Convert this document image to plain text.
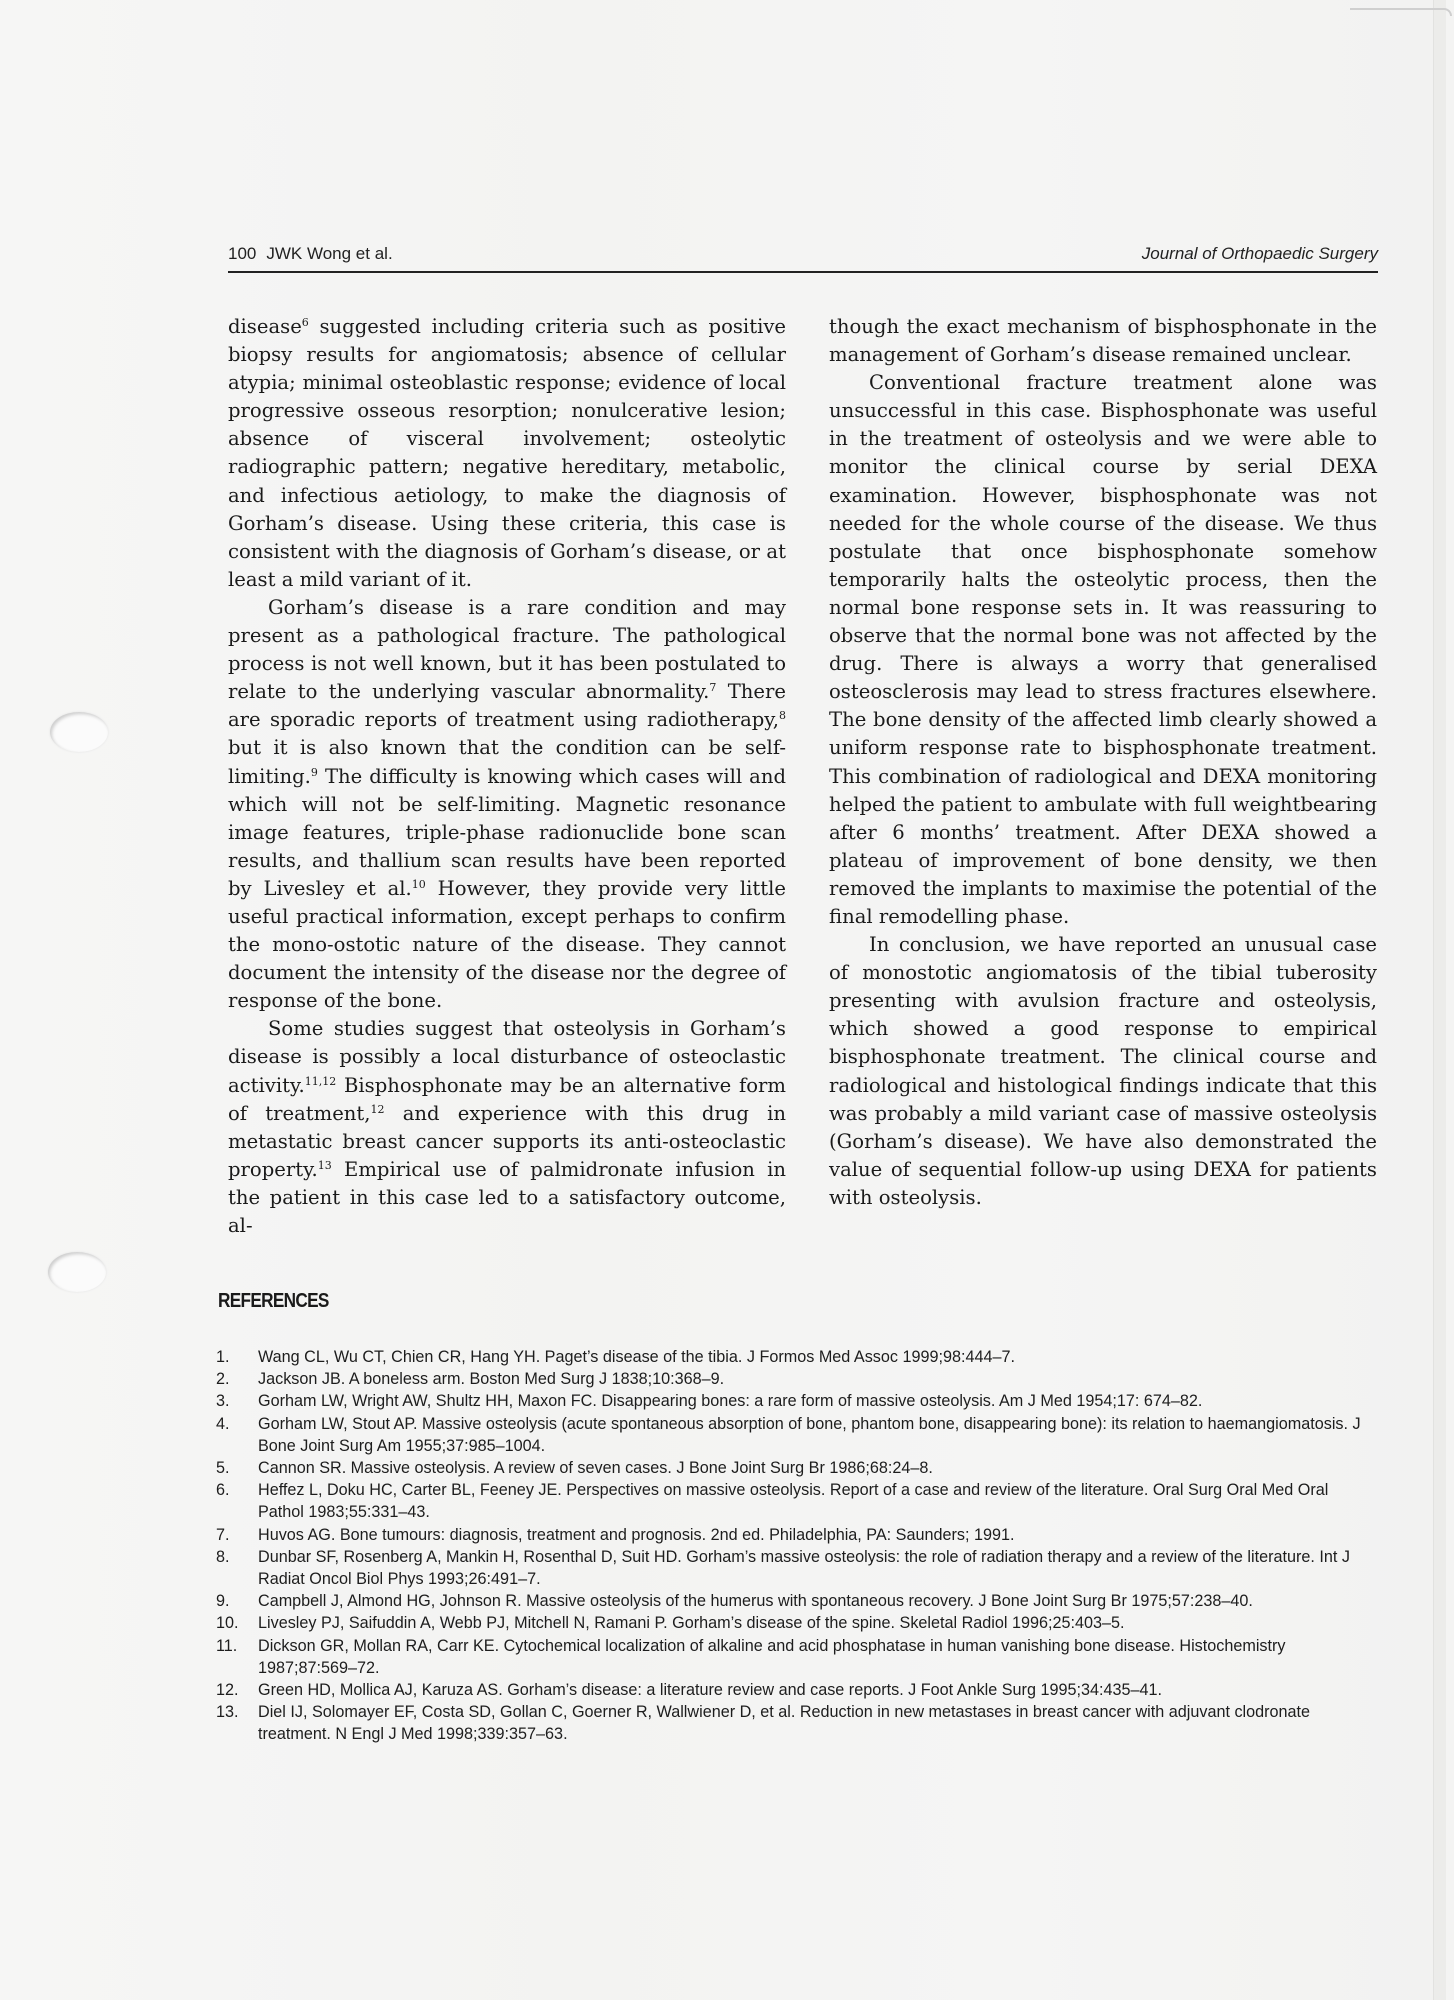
100 JWK Wong et al.	Journal of Orthopaedic Surgery

disease$^6$ suggested including criteria such as positive biopsy results for angiomatosis; absence of cellular atypia; minimal osteoblastic response; evidence of local progressive osseous resorption; nonulcerative lesion; absence of visceral involvement; osteolytic radiographic pattern; negative hereditary, metabolic, and infectious aetiology, to make the diagnosis of Gorham’s disease. Using these criteria, this case is consistent with the diagnosis of Gorham’s disease, or at least a mild variant of it.

Gorham’s disease is a rare condition and may present as a pathological fracture. The pathological process is not well known, but it has been postulated to relate to the underlying vascular abnormality.$^7$ There are sporadic reports of treatment using radiotherapy,$^8$ but it is also known that the condition can be self-limiting.$^9$ The difficulty is knowing which cases will and which will not be self-limiting. Magnetic resonance image features, triple-phase radionuclide bone scan results, and thallium scan results have been reported by Livesley et al.$^{10}$ However, they provide very little useful practical information, except perhaps to confirm the mono-ostotic nature of the disease. They cannot document the intensity of the disease nor the degree of response of the bone.

Some studies suggest that osteolysis in Gorham’s disease is possibly a local disturbance of osteoclastic activity.$^{11,12}$ Bisphosphonate may be an alternative form of treatment,$^{12}$ and experience with this drug in metastatic breast cancer supports its anti-osteoclastic property.$^{13}$ Empirical use of palmidronate infusion in the patient in this case led to a satisfactory outcome, al-

though the exact mechanism of bisphosphonate in the management of Gorham’s disease remained unclear.

Conventional fracture treatment alone was unsuccessful in this case. Bisphosphonate was useful in the treatment of osteolysis and we were able to monitor the clinical course by serial DEXA examination. However, bisphosphonate was not needed for the whole course of the disease. We thus postulate that once bisphosphonate somehow temporarily halts the osteolytic process, then the normal bone response sets in. It was reassuring to observe that the normal bone was not affected by the drug. There is always a worry that generalised osteosclerosis may lead to stress fractures elsewhere. The bone density of the affected limb clearly showed a uniform response rate to bisphosphonate treatment. This combination of radiological and DEXA monitoring helped the patient to ambulate with full weightbearing after 6 months’ treatment. After DEXA showed a plateau of improvement of bone density, we then removed the implants to maximise the potential of the final remodelling phase.

In conclusion, we have reported an unusual case of monostotic angiomatosis of the tibial tuberosity presenting with avulsion fracture and osteolysis, which showed a good response to empirical bisphosphonate treatment. The clinical course and radiological and histological findings indicate that this was probably a mild variant case of massive osteolysis (Gorham’s disease). We have also demonstrated the value of sequential follow-up using DEXA for patients with osteolysis.

REFERENCES
1.	Wang CL, Wu CT, Chien CR, Hang YH. Paget’s disease of the tibia. J Formos Med Assoc 1999;98:444–7.
2.	Jackson JB. A boneless arm. Boston Med Surg J 1838;10:368–9.
3.	Gorham LW, Wright AW, Shultz HH, Maxon FC. Disappearing bones: a rare form of massive osteolysis. Am J Med 1954;17: 674–82.
4.	Gorham LW, Stout AP. Massive osteolysis (acute spontaneous absorption of bone, phantom bone, disappearing bone): its relation to haemangiomatosis. J Bone Joint Surg Am 1955;37:985–1004.
5.	Cannon SR. Massive osteolysis. A review of seven cases. J Bone Joint Surg Br 1986;68:24–8.
6.	Heffez L, Doku HC, Carter BL, Feeney JE. Perspectives on massive osteolysis. Report of a case and review of the literature. Oral Surg Oral Med Oral Pathol 1983;55:331–43.
7.	Huvos AG. Bone tumours: diagnosis, treatment and prognosis. 2nd ed. Philadelphia, PA: Saunders; 1991.
8.	Dunbar SF, Rosenberg A, Mankin H, Rosenthal D, Suit HD. Gorham’s massive osteolysis: the role of radiation therapy and a review of the literature. Int J Radiat Oncol Biol Phys 1993;26:491–7.
9.	Campbell J, Almond HG, Johnson R. Massive osteolysis of the humerus with spontaneous recovery. J Bone Joint Surg Br 1975;57:238–40.
10.	Livesley PJ, Saifuddin A, Webb PJ, Mitchell N, Ramani P. Gorham’s disease of the spine. Skeletal Radiol 1996;25:403–5.
11.	Dickson GR, Mollan RA, Carr KE. Cytochemical localization of alkaline and acid phosphatase in human vanishing bone disease. Histochemistry 1987;87:569–72.
12.	Green HD, Mollica AJ, Karuza AS. Gorham’s disease: a literature review and case reports. J Foot Ankle Surg 1995;34:435–41.
13.	Diel IJ, Solomayer EF, Costa SD, Gollan C, Goerner R, Wallwiener D, et al. Reduction in new metastases in breast cancer with adjuvant clodronate treatment. N Engl J Med 1998;339:357–63.
